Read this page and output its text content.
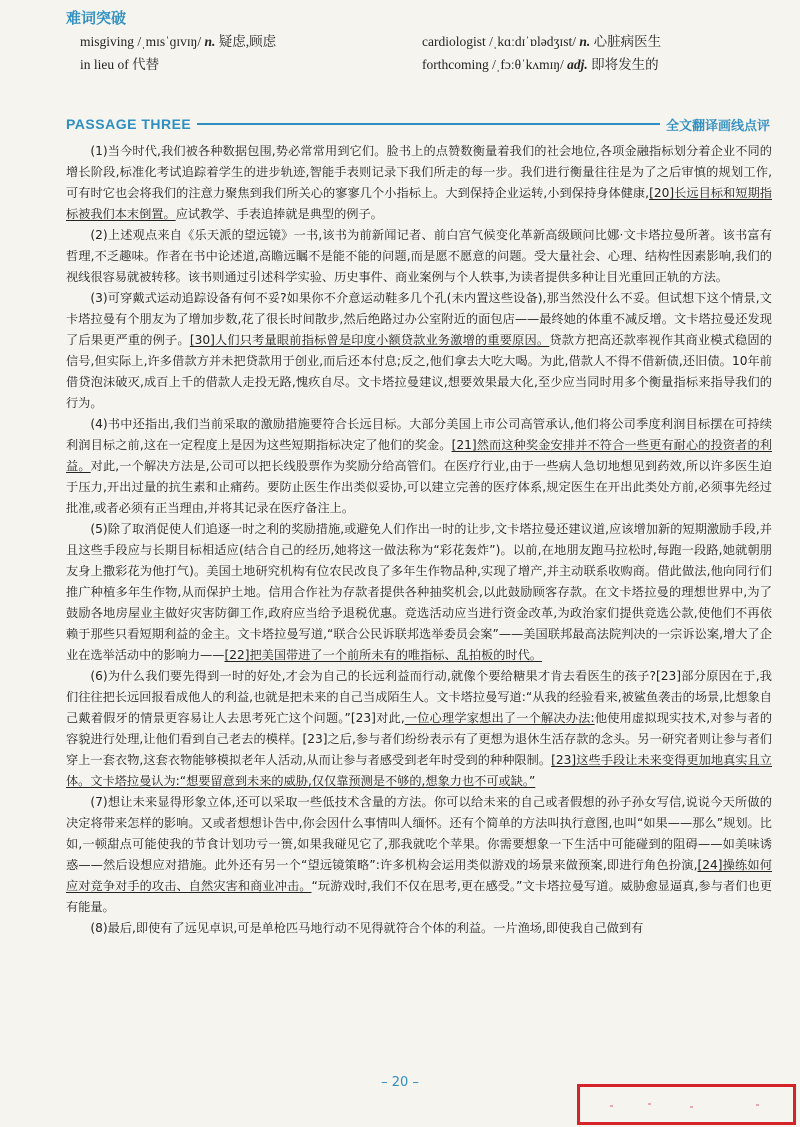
难词突破
misgiving /ˌmɪsˈɡɪvɪŋ/ n. 疑虑,顾虑	cardiologist /ˌkɑːdɪˈɒlədʒɪst/ n. 心脏病医生
in lieu of 代替	forthcoming /ˌfɔːθˈkʌmɪŋ/ adj. 即将发生的
PASSAGE THREE	全文翻译画线点评

(1)当今时代,我们被各种数据包围,势必常常用到它们。脸书上的点赞数衡量着我们的社会地位,各项金融指标划分着企业不同的增长阶段,标准化考试追踪着学生的进步轨迹,智能手表则记录下我们所走的每一步。我们进行衡量往往是为了之后审慎的规划工作,可有时它也会将我们的注意力聚焦到我们所关心的寥寥几个小指标上。大到保持企业运转,小到保持身体健康,[20]长远目标和短期指标被我们本末倒置。应试教学、手表追捧就是典型的例子。

(2)上述观点来自《乐天派的望远镜》一书,该书为前新闻记者、前白宫气候变化革新高级顾问比娜·文卡塔拉曼所著。该书富有哲理,不乏趣味。作者在书中论述道,高瞻远瞩不是能不能的问题,而是愿不愿意的问题。受大量社会、心理、结构性因素影响,我们的视线很容易就被转移。该书则通过引述科学实验、历史事件、商业案例与个人轶事,为读者提供多种让目光重回正轨的方法。

(3)可穿戴式运动追踪设备有何不妥?如果你不介意运动鞋多几个孔(未内置这些设备),那当然没什么不妥。但试想下这个情景,文卡塔拉曼有个朋友为了增加步数,花了很长时间散步,然后绝路过办公室附近的面包店——最终她的体重不减反增。文卡塔拉曼还发现了后果更严重的例子。[30]人们只考量眼前指标曾是印度小额贷款业务激增的重要原因。贷款方把高还款率视作其商业模式稳固的信号,但实际上,许多借款方并未把贷款用于创业,而后还本付息;反之,他们拿去大吃大喝。为此,借款人不得不借新债,还旧债。10年前借贷泡沫破灭,成百上千的借款人走投无路,愧疚自尽。文卡塔拉曼建议,想要效果最大化,至少应当同时用多个衡量指标来指导我们的行为。

(4)书中还指出,我们当前采取的激励措施要符合长远目标。大部分美国上市公司高管承认,他们将公司季度利润目标摆在可持续利润目标之前,这在一定程度上是因为这些短期指标决定了他们的奖金。[21]然而这种奖金安排并不符合一些更有耐心的投资者的利益。对此,一个解决方法是,公司可以把长线股票作为奖励分给高管们。在医疗行业,由于一些病人急切地想见到药效,所以许多医生迫于压力,开出过量的抗生素和止痛药。要防止医生作出类似妥协,可以建立完善的医疗体系,规定医生在开出此类处方前,必须事先经过批准,或者必须有正当理由,并将其记录在医疗备注上。

(5)除了取消促使人们追逐一时之利的奖励措施,或避免人们作出一时的让步,文卡塔拉曼还建议道,应该增加新的短期激励手段,并且这些手段应与长期目标相适应(结合自己的经历,她将这一做法称为“彩花轰炸”)。以前,在地朋友跑马拉松时,每跑一段路,她就朝朋友身上撒彩花为他打气)。美国土地研究机构有位农民改良了多年生作物品种,实现了增产,并主动联系收购商。借此做法,他向同行们推广种植多年生作物,从而保护土地。信用合作社为存款者提供各种抽奖机会,以此鼓励顾客存款。在文卡塔拉曼的理想世界中,为了鼓励各地房屋业主做好灾害防御工作,政府应当给予退税优惠。竞选活动应当进行资金改革,为政治家们提供竞选公款,使他们不再依赖于那些只看短期利益的金主。文卡塔拉曼写道,“联合公民诉联邦选举委员会案”——美国联邦最高法院判决的一宗诉讼案,增大了企业在选举活动中的影响力——[22]把美国带进了一个前所未有的唯指标、乱拍板的时代。

(6)为什么我们要先得到一时的好处,才会为自己的长远利益而行动,就像个要给糖果才肯去看医生的孩子?[23]部分原因在于,我们往往把长远回报看成他人的利益,也就是把未来的自己当成陌生人。文卡塔拉曼写道:“从我的经验看来,被鲨鱼袭击的场景,比想象自己戴着假牙的情景更容易让人去思考死亡这个问题。”[23]对此,一位心理学家想出了一个解决办法:他使用虚拟现实技术,对参与者的容貌进行处理,让他们看到自己老去的模样。[23]之后,参与者们纷纷表示有了更想为退休生活存款的念头。另一研究者则让参与者们穿上一套衣物,这套衣物能够模拟老年人活动,从而让参与者感受到老年时受到的种种限制。[23]这些手段让未来变得更加地真实且立体。文卡塔拉曼认为:“想要留意到未来的威胁,仅仅靠预测是不够的,想象力也不可或缺。”

(7)想让未来显得形象立体,还可以采取一些低技术含量的方法。你可以给未来的自己或者假想的孙子孙女写信,说说今天所做的决定将带来怎样的影响。又或者想想讣告中,你会因什么事情叫人缅怀。还有个简单的方法叫执行意图,也叫“如果——那么”规划。比如,一顿甜点可能使我的节食计划功亏一篑,如果我碰见它了,那我就吃个苹果。你需要想象一下生活中可能碰到的阻碍——如美味诱惑——然后设想应对措施。此外还有另一个“望远镜策略”:许多机构会运用类似游戏的场景来做预案,即进行角色扮演,[24]操练如何应对竞争对手的攻击、自然灾害和商业冲击。“玩游戏时,我们不仅在思考,更在感受。”文卡塔拉曼写道。威胁愈显逼真,参与者们也更有能量。

(8)最后,即使有了远见卓识,可是单枪匹马地行动不见得就符合个体的利益。一片渔场,即使我自己做到有

– 20 –
